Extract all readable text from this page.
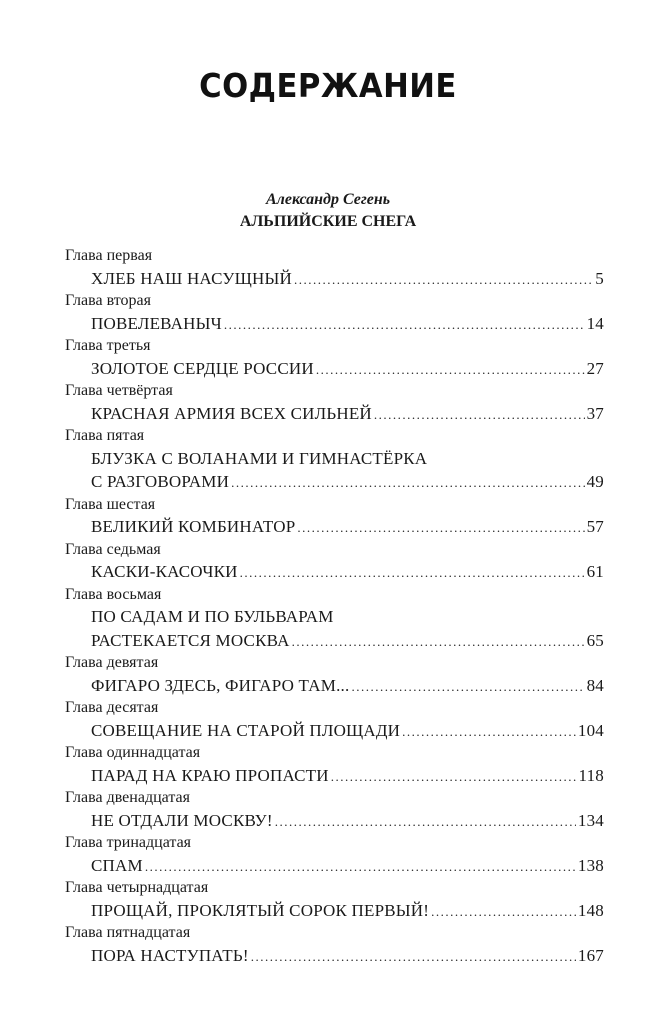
СОДЕРЖАНИЕ
Александр Сегень
АЛЬПИЙСКИЕ СНЕГА
Глава первая
ХЛЕБ НАШ НАСУЩНЫЙ .....	5
Глава вторая
ПОВЕЛЕВАНЫЧ .....	14
Глава третья
ЗОЛОТОЕ СЕРДЦЕ РОССИИ .....	27
Глава четвёртая
КРАСНАЯ АРМИЯ ВСЕХ СИЛЬНЕЙ .....	37
Глава пятая
БЛУЗКА С ВОЛАНАМИ И ГИМНАСТЁРКА
С РАЗГОВОРАМИ .....	49
Глава шестая
ВЕЛИКИЙ КОМБИНАТОР .....	57
Глава седьмая
КАСКИ-КАСОЧКИ .....	61
Глава восьмая
ПО САДАМ И ПО БУЛЬВАРАМ
РАСТЕКАЕТСЯ МОСКВА .....	65
Глава девятая
ФИГАРО ЗДЕСЬ, ФИГАРО ТАМ... .....	84
Глава десятая
СОВЕЩАНИЕ НА СТАРОЙ ПЛОЩАДИ .....	104
Глава одиннадцатая
ПАРАД НА КРАЮ ПРОПАСТИ .....	118
Глава двенадцатая
НЕ ОТДАЛИ МОСКВУ! .....	134
Глава тринадцатая
СПАМ .....	138
Глава четырнадцатая
ПРОЩАЙ, ПРОКЛЯТЫЙ СОРОК ПЕРВЫЙ! .....	148
Глава пятнадцатая
ПОРА НАСТУПАТЬ! .....	167
